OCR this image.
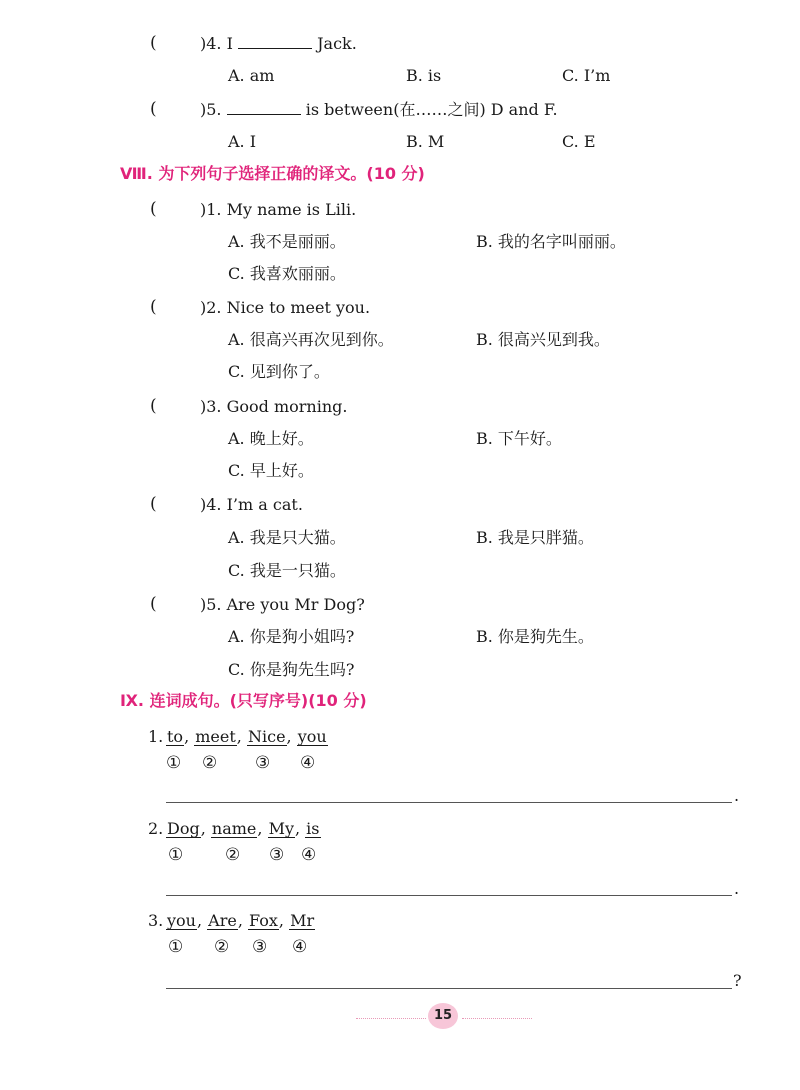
(	)4. I	Jack.
A. am	B. is	C. I’m
(	)5.	is between(在……之间) D and F.
A. I	B. M	C. E
Ⅷ. 为下列句子选择正确的译文。(10 分)
(	)1. My name is Lili.
A. 我不是丽丽。	B. 我的名字叫丽丽。
C. 我喜欢丽丽。
(	)2. Nice to meet you.
A. 很高兴再次见到你。	B. 很高兴见到我。
C. 见到你了。
(	)3. Good morning.
A. 晚上好。	B. 下午好。
C. 早上好。
(	)4. I’m a cat.
A. 我是只大猫。	B. 我是只胖猫。
C. 我是一只猫。
(	)5. Are you Mr Dog?
A. 你是狗小姐吗?	B. 你是狗先生。
C. 你是狗先生吗?
Ⅸ. 连词成句。(只写序号)(10 分)
1. to, meet, Nice, you
① ② ③ ④
.
2. Dog, name, My, is
① ② ③ ④
.
3. you, Are, Fox, Mr
① ② ③ ④
?
15
